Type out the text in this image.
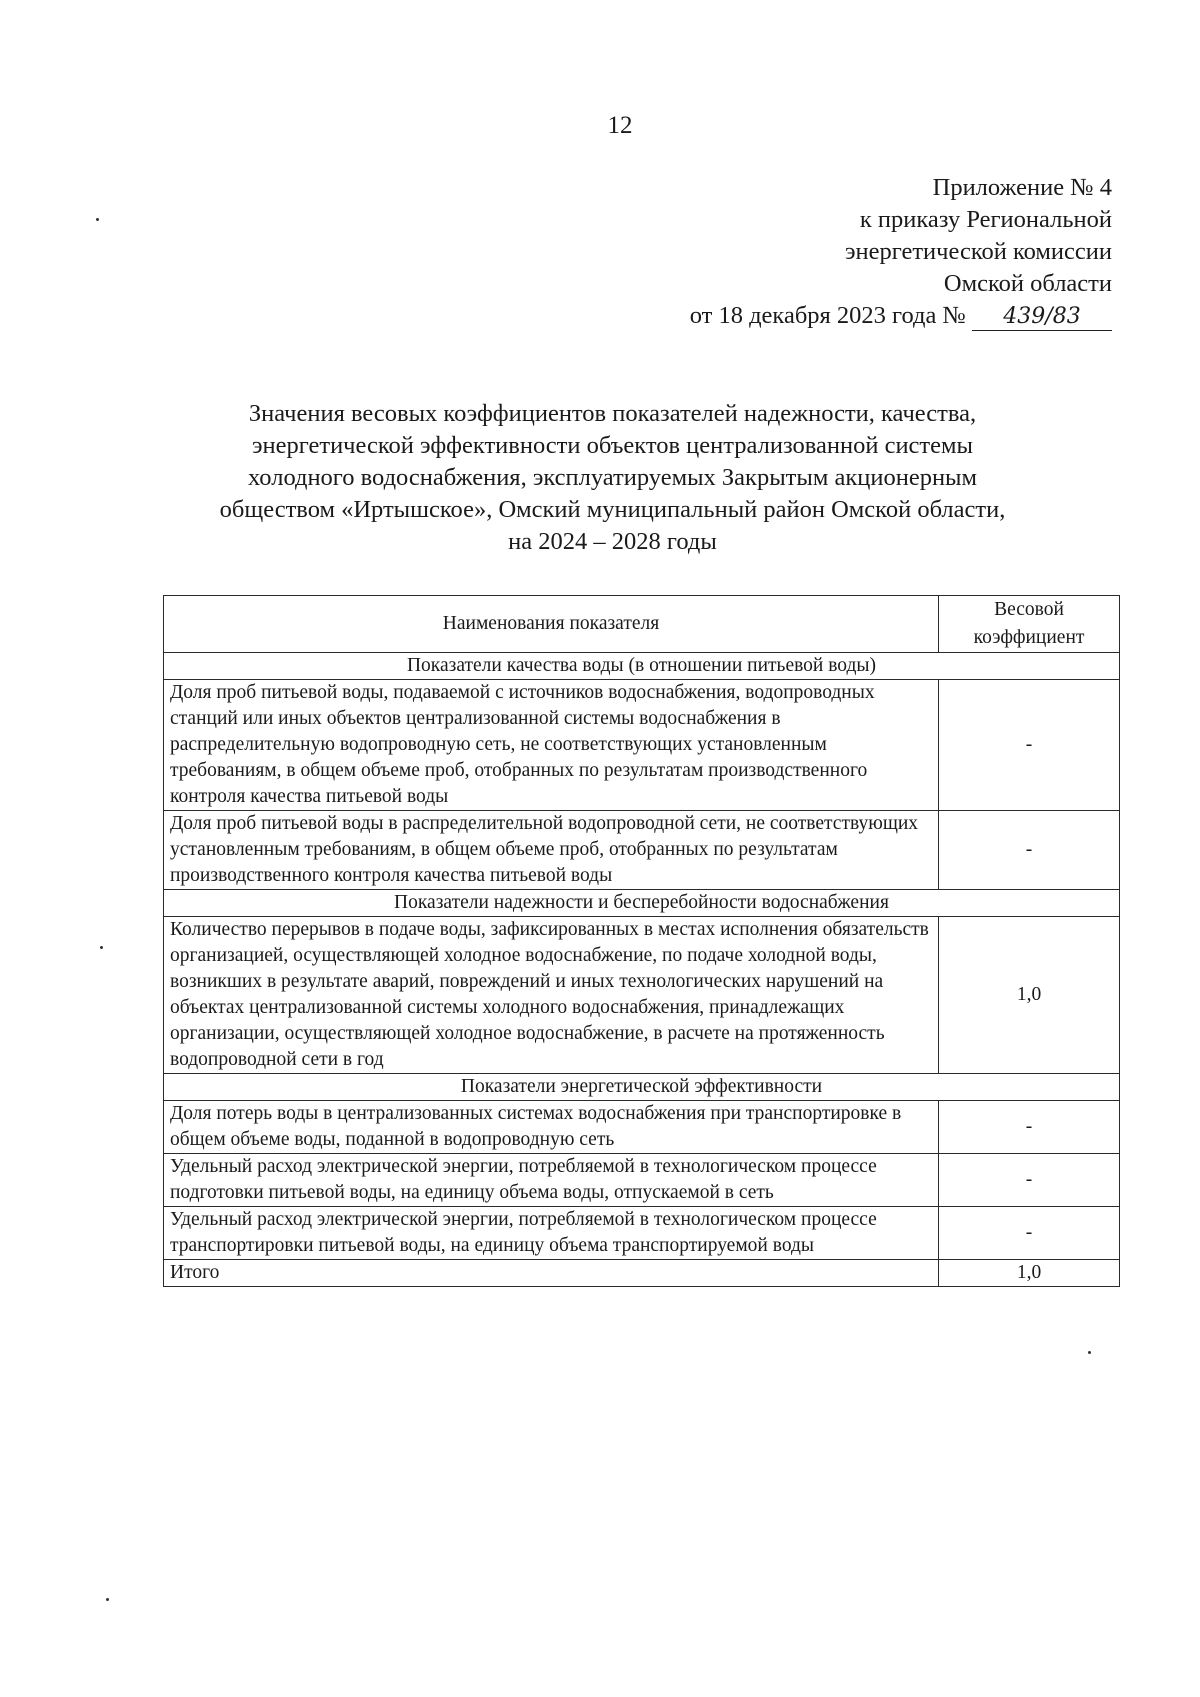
12
Приложение № 4
к приказу Региональной
энергетической комиссии
Омской области
от 18 декабря 2023 года № 439/83
Значения весовых коэффициентов показателей надежности, качества,
энергетической эффективности объектов централизованной системы
холодного водоснабжения, эксплуатируемых Закрытым акционерным
обществом «Иртышское», Омский муниципальный район Омской области,
на 2024 – 2028 годы
Наименования показателя	Весовой
коэффициент

Показатели качества воды (в отношении питьевой воды)	
Доля проб питьевой воды, подаваемой с источников водоснабжения, водопроводных станций или иных объектов централизованной системы водоснабжения в распределительную водопроводную сеть, не соответствующих установленным требованиям, в общем объеме проб, отобранных по результатам производственного контроля качества питьевой воды	-
Доля проб питьевой воды в распределительной водопроводной сети, не соответствующих установленным требованиям, в общем объеме проб, отобранных по результатам производственного контроля качества питьевой воды	-
Показатели надежности и бесперебойности водоснабжения	
Количество перерывов в подаче воды, зафиксированных в местах исполнения обязательств организацией, осуществляющей холодное водоснабжение, по подаче холодной воды, возникших в результате аварий, повреждений и иных технологических нарушений на объектах централизованной системы холодного водоснабжения, принадлежащих организации, осуществляющей холодное водоснабжение, в расчете на протяженность водопроводной сети в год	1,0
Показатели энергетической эффективности	
Доля потерь воды в централизованных системах водоснабжения при транспортировке в общем объеме воды, поданной в водопроводную сеть	-
Удельный расход электрической энергии, потребляемой в технологическом процессе подготовки питьевой воды, на единицу объема воды, отпускаемой в сеть	-
Удельный расход электрической энергии, потребляемой в технологическом процессе транспортировки питьевой воды, на единицу объема транспортируемой воды	-
Итого	1,0
